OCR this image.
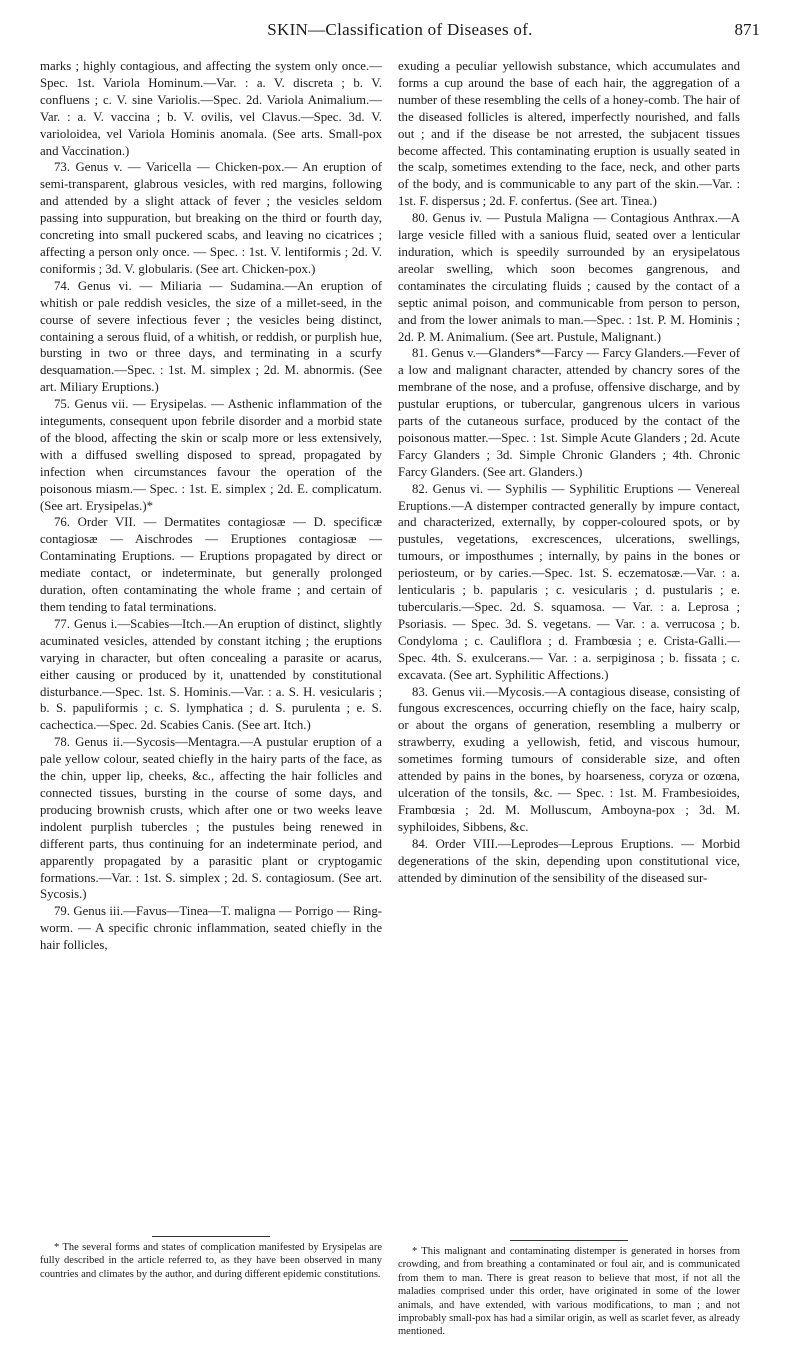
SKIN—Classification of Diseases of.	871

marks ; highly contagious, and affecting the system only once.—Spec. 1st. Variola Hominum.—Var. : a. V. discreta ; b. V. confluens ; c. V. sine Variolis.—Spec. 2d. Variola Animalium.—Var. : a. V. vaccina ; b. V. ovilis, vel Clavus.—Spec. 3d. V. varioloidea, vel Variola Hominis anomala. (See arts. Small-pox and Vaccination.)

73. Genus v. — Varicella — Chicken-pox.— An eruption of semi-transparent, glabrous vesicles, with red margins, following and attended by a slight attack of fever ; the vesicles seldom passing into suppuration, but breaking on the third or fourth day, concreting into small puckered scabs, and leaving no cicatrices ; affecting a person only once. — Spec. : 1st. V. lentiformis ; 2d. V. coniformis ; 3d. V. globularis. (See art. Chicken-pox.)

74. Genus vi. — Miliaria — Sudamina.—An eruption of whitish or pale reddish vesicles, the size of a millet-seed, in the course of severe infectious fever ; the vesicles being distinct, containing a serous fluid, of a whitish, or reddish, or purplish hue, bursting in two or three days, and terminating in a scurfy desquamation.—Spec. : 1st. M. simplex ; 2d. M. abnormis. (See art. Miliary Eruptions.)

75. Genus vii. — Erysipelas. — Asthenic inflammation of the integuments, consequent upon febrile disorder and a morbid state of the blood, affecting the skin or scalp more or less extensively, with a diffused swelling disposed to spread, propagated by infection when circumstances favour the operation of the poisonous miasm.— Spec. : 1st. E. simplex ; 2d. E. complicatum. (See art. Erysipelas.)*

76. Order VII. — Dermatites contagiosæ — D. specificæ contagiosæ — Aischrodes — Eruptiones contagiosæ — Contaminating Eruptions. — Eruptions propagated by direct or mediate contact, or indeterminate, but generally prolonged duration, often contaminating the whole frame ; and certain of them tending to fatal terminations.

77. Genus i.—Scabies—Itch.—An eruption of distinct, slightly acuminated vesicles, attended by constant itching ; the eruptions varying in character, but often concealing a parasite or acarus, either causing or produced by it, unattended by constitutional disturbance.—Spec. 1st. S. Hominis.—Var. : a. S. H. vesicularis ; b. S. papuliformis ; c. S. lymphatica ; d. S. purulenta ; e. S. cachectica.—Spec. 2d. Scabies Canis. (See art. Itch.)

78. Genus ii.—Sycosis—Mentagra.—A pustular eruption of a pale yellow colour, seated chiefly in the hairy parts of the face, as the chin, upper lip, cheeks, &c., affecting the hair follicles and connected tissues, bursting in the course of some days, and producing brownish crusts, which after one or two weeks leave indolent purplish tubercles ; the pustules being renewed in different parts, thus continuing for an indeterminate period, and apparently propagated by a parasitic plant or cryptogamic formations.—Var. : 1st. S. simplex ; 2d. S. contagiosum. (See art. Sycosis.)

79. Genus iii.—Favus—Tinea—T. maligna — Porrigo — Ring-worm. — A specific chronic inflammation, seated chiefly in the hair follicles,

* The several forms and states of complication manifested by Erysipelas are fully described in the article referred to, as they have been observed in many countries and climates by the author, and during different epidemic constitutions.

exuding a peculiar yellowish substance, which accumulates and forms a cup around the base of each hair, the aggregation of a number of these resembling the cells of a honey-comb. The hair of the diseased follicles is altered, imperfectly nourished, and falls out ; and if the disease be not arrested, the subjacent tissues become affected. This contaminating eruption is usually seated in the scalp, sometimes extending to the face, neck, and other parts of the body, and is communicable to any part of the skin.—Var. : 1st. F. dispersus ; 2d. F. confertus. (See art. Tinea.)

80. Genus iv. — Pustula Maligna — Contagious Anthrax.—A large vesicle filled with a sanious fluid, seated over a lenticular induration, which is speedily surrounded by an erysipelatous areolar swelling, which soon becomes gangrenous, and contaminates the circulating fluids ; caused by the contact of a septic animal poison, and communicable from person to person, and from the lower animals to man.—Spec. : 1st. P. M. Hominis ; 2d. P. M. Animalium. (See art. Pustule, Malignant.)

81. Genus v.—Glanders*—Farcy — Farcy Glanders.—Fever of a low and malignant character, attended by chancry sores of the membrane of the nose, and a profuse, offensive discharge, and by pustular eruptions, or tubercular, gangrenous ulcers in various parts of the cutaneous surface, produced by the contact of the poisonous matter.—Spec. : 1st. Simple Acute Glanders ; 2d. Acute Farcy Glanders ; 3d. Simple Chronic Glanders ; 4th. Chronic Farcy Glanders. (See art. Glanders.)

82. Genus vi. — Syphilis — Syphilitic Eruptions — Venereal Eruptions.—A distemper contracted generally by impure contact, and characterized, externally, by copper-coloured spots, or by pustules, vegetations, excrescences, ulcerations, swellings, tumours, or imposthumes ; internally, by pains in the bones or periosteum, or by caries.—Spec. 1st. S. eczematosæ.—Var. : a. lenticularis ; b. papularis ; c. vesicularis ; d. pustularis ; e. tubercularis.—Spec. 2d. S. squamosa. — Var. : a. Leprosa ; Psoriasis. — Spec. 3d. S. vegetans. — Var. : a. verrucosa ; b. Condyloma ; c. Cauliflora ; d. Frambœsia ; e. Crista-Galli.— Spec. 4th. S. exulcerans.— Var. : a. serpiginosa ; b. fissata ; c. excavata. (See art. Syphilitic Affections.)

83. Genus vii.—Mycosis.—A contagious disease, consisting of fungous excrescences, occurring chiefly on the face, hairy scalp, or about the organs of generation, resembling a mulberry or strawberry, exuding a yellowish, fetid, and viscous humour, sometimes forming tumours of considerable size, and often attended by pains in the bones, by hoarseness, coryza or ozœna, ulceration of the tonsils, &c. — Spec. : 1st. M. Frambesioides, Frambœsia ; 2d. M. Molluscum, Amboyna-pox ; 3d. M. syphiloides, Sibbens, &c.

84. Order VIII.—Leprodes—Leprous Eruptions. — Morbid degenerations of the skin, depending upon constitutional vice, attended by diminution of the sensibility of the diseased sur-

* This malignant and contaminating distemper is generated in horses from crowding, and from breathing a contaminated or foul air, and is communicated from them to man. There is great reason to believe that most, if not all the maladies comprised under this order, have originated in some of the lower animals, and have extended, with various modifications, to man ; and not improbably small-pox has had a similar origin, as well as scarlet fever, as already mentioned.
